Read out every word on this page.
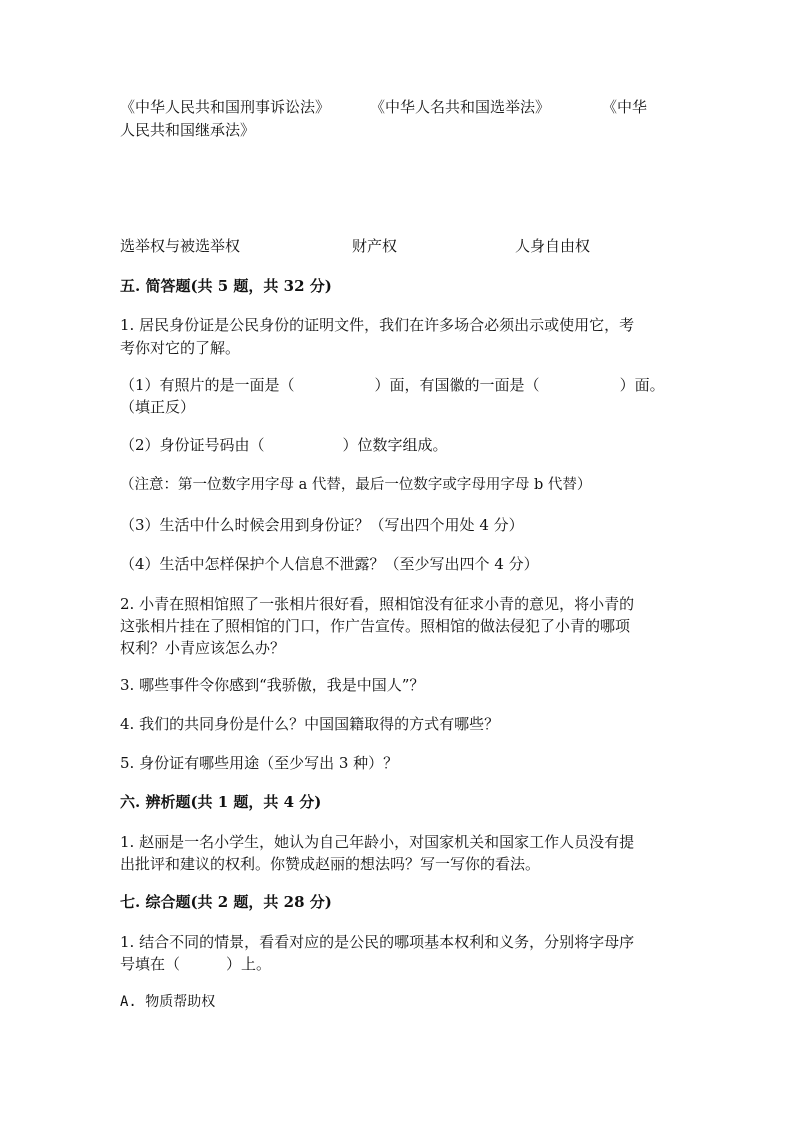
《中华人民共和国刑事诉讼法》	《中华人名共和国选举法》	《中华
人民共和国继承法》
选举权与被选举权	财产权	人身自由权
五. 简答题(共 5 题，共 32 分)
1. 居民身份证是公民身份的证明文件，我们在许多场合必须出示或使用它，考
考你对它的了解。
（1）有照片的是一面是（	）面，有国徽的一面是（	）面。
（填正反）
（2）身份证号码由（	）位数字组成。
（注意：第一位数字用字母 a 代替，最后一位数字或字母用字母 b 代替）
（3）生活中什么时候会用到身份证？（写出四个用处 4 分）
（4）生活中怎样保护个人信息不泄露？（至少写出四个 4 分）
2. 小青在照相馆照了一张相片很好看，照相馆没有征求小青的意见，将小青的
这张相片挂在了照相馆的门口，作广告宣传。照相馆的做法侵犯了小青的哪项
权利？小青应该怎么办？
3. 哪些事件令你感到“我骄傲，我是中国人”？
4. 我们的共同身份是什么？中国国籍取得的方式有哪些？
5. 身份证有哪些用途（至少写出 3 种）？
六. 辨析题(共 1 题，共 4 分)
1. 赵丽是一名小学生，她认为自己年龄小，对国家机关和国家工作人员没有提
出批评和建议的权利。你赞成赵丽的想法吗？写一写你的看法。
七. 综合题(共 2 题，共 28 分)
1. 结合不同的情景，看看对应的是公民的哪项基本权利和义务，分别将字母序
号填在（	）上。
A. 物质帮助权
